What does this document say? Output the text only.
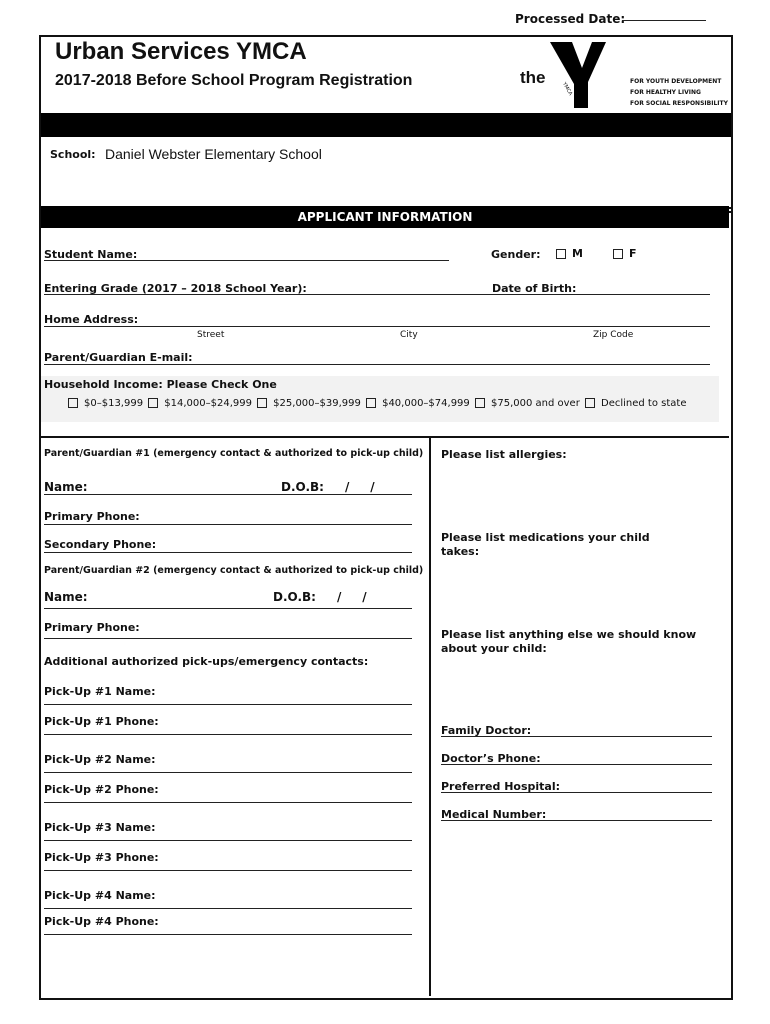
Processed Date:
Urban Services YMCA
2017-2018 Before School Program Registration	the
YMCA	FOR YOUTH DEVELOPMENT
FOR HEALTHY LIVING
FOR SOCIAL RESPONSIBILITY
School: Daniel Webster Elementary School
APPLICANT INFORMATION
Student Name:	Gender:	M	F
Entering Grade (2017 – 2018 School Year):	Date of Birth:
Home Address:
Street	City	Zip Code
Parent/Guardian E-mail:
Household Income: Please Check One
$0–$13,999 $14,000–$24,999 $25,000–$39,999 $40,000–$74,999 $75,000 and over Declined to state
Parent/Guardian #1 (emergency contact & authorized to pick-up child)
Name:	D.O.B: /     /
Primary Phone:
Secondary Phone:
Parent/Guardian #2 (emergency contact & authorized to pick-up child)
Name:	D.O.B: /     /
Primary Phone:
Additional authorized pick-ups/emergency contacts:
Pick-Up #1 Name:
Pick-Up #1 Phone:
Pick-Up #2 Name:
Pick-Up #2 Phone:
Pick-Up #3 Name:
Pick-Up #3 Phone:
Pick-Up #4 Name:
Pick-Up #4 Phone:
Please list allergies:
Please list medications your child takes:
Please list anything else we should know about your child:
Family Doctor:
Doctor’s Phone:
Preferred Hospital:
Medical Number:
